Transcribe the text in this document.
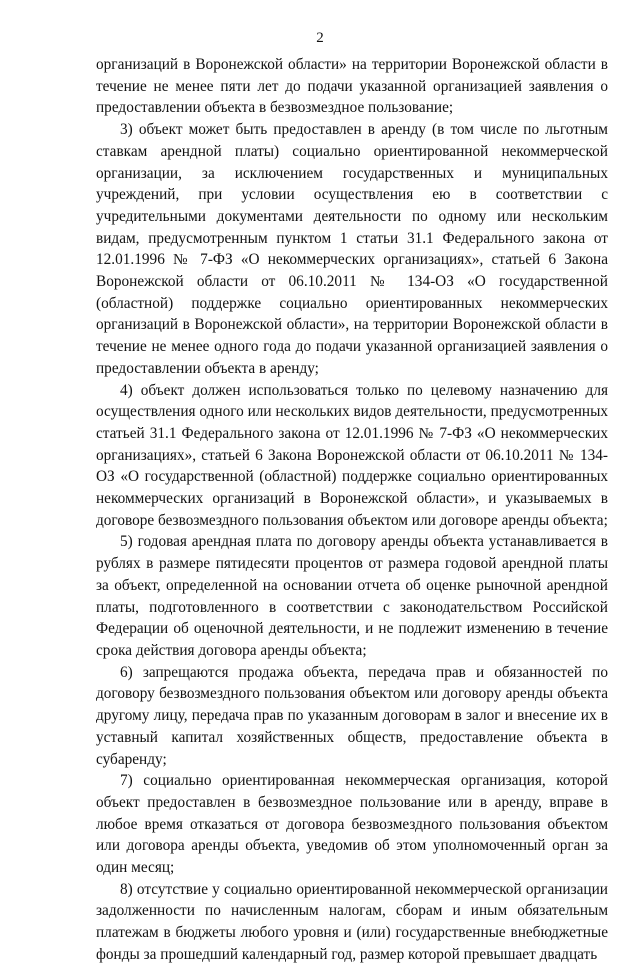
2

организаций в Воронежской области» на территории Воронежской области в течение не менее пяти лет до подачи указанной организацией заявления о предоставлении объекта в безвозмездное пользование;

3) объект может быть предоставлен в аренду (в том числе по льготным ставкам арендной платы) социально ориентированной некоммерческой организации, за исключением государственных и муниципальных учреждений, при условии осуществления ею в соответствии с учредительными документами деятельности по одному или нескольким видам, предусмотренным пунктом 1 статьи 31.1 Федерального закона от 12.01.1996 № 7-ФЗ «О некоммерческих организациях», статьей 6 Закона Воронежской области от 06.10.2011 № 134-ОЗ «О государственной (областной) поддержке социально ориентированных некоммерческих организаций в Воронежской области», на территории Воронежской области в течение не менее одного года до подачи указанной организацией заявления о предоставлении объекта в аренду;

4) объект должен использоваться только по целевому назначению для осуществления одного или нескольких видов деятельности, предусмотренных статьей 31.1 Федерального закона от 12.01.1996 № 7-ФЗ «О некоммерческих организациях», статьей 6 Закона Воронежской области от 06.10.2011 № 134-ОЗ «О государственной (областной) поддержке социально ориентированных некоммерческих организаций в Воронежской области», и указываемых в договоре безвозмездного пользования объектом или договоре аренды объекта;

5) годовая арендная плата по договору аренды объекта устанавливается в рублях в размере пятидесяти процентов от размера годовой арендной платы за объект, определенной на основании отчета об оценке рыночной арендной платы, подготовленного в соответствии с законодательством Российской Федерации об оценочной деятельности, и не подлежит изменению в течение срока действия договора аренды объекта;

6) запрещаются продажа объекта, передача прав и обязанностей по договору безвозмездного пользования объектом или договору аренды объекта другому лицу, передача прав по указанным договорам в залог и внесение их в уставный капитал хозяйственных обществ, предоставление объекта в субаренду;

7) социально ориентированная некоммерческая организация, которой объект предоставлен в безвозмездное пользование или в аренду, вправе в любое время отказаться от договора безвозмездного пользования объектом или договора аренды объекта, уведомив об этом уполномоченный орган за один месяц;

8) отсутствие у социально ориентированной некоммерческой организации задолженности по начисленным налогам, сборам и иным обязательным платежам в бюджеты любого уровня и (или) государственные внебюджетные фонды за прошедший календарный год, размер которой превышает двадцать
